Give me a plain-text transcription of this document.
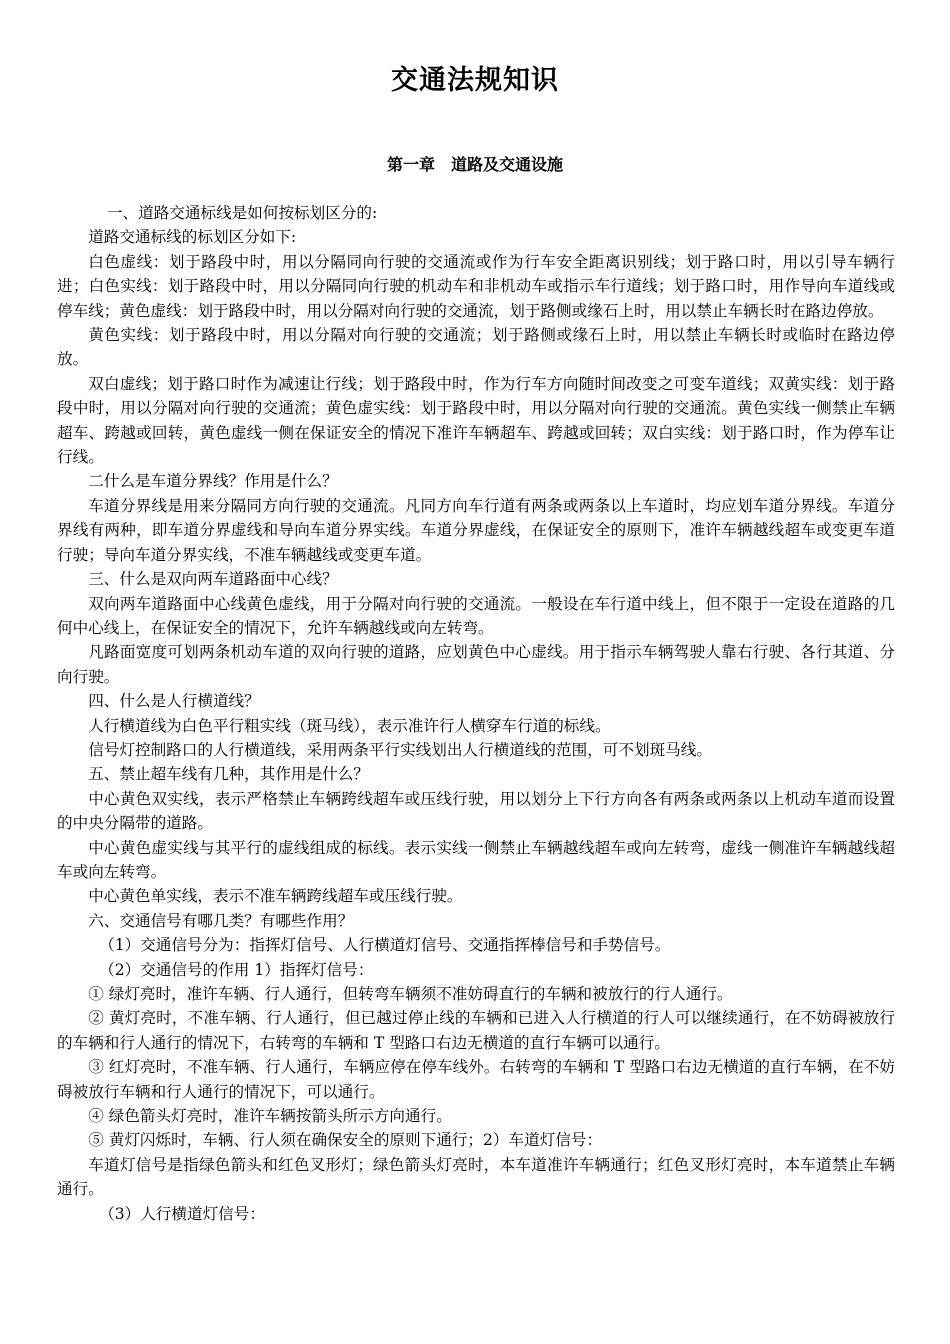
交通法规知识
第一章　道路及交通设施

一、道路交通标线是如何按标划区分的:

道路交通标线的标划区分如下:

白色虚线：划于路段中时，用以分隔同向行驶的交通流或作为行车安全距离识别线；划于路口时，用以引导车辆行进；白色实线：划于路段中时，用以分隔同向行驶的机动车和非机动车或指示车行道线；划于路口时，用作导向车道线或停车线；黄色虚线：划于路段中时，用以分隔对向行驶的交通流，划于路侧或缘石上时，用以禁止车辆长时在路边停放。

黄色实线：划于路段中时，用以分隔对向行驶的交通流；划于路侧或缘石上时，用以禁止车辆长时或临时在路边停放。

双白虚线；划于路口时作为减速让行线；划于路段中时，作为行车方向随时间改变之可变车道线；双黄实线：划于路段中时，用以分隔对向行驶的交通流；黄色虚实线：划于路段中时，用以分隔对向行驶的交通流。黄色实线一侧禁止车辆超车、跨越或回转，黄色虚线一侧在保证安全的情况下准许车辆超车、跨越或回转；双白实线：划于路口时，作为停车让行线。

二什么是车道分界线？作用是什么？

车道分界线是用来分隔同方向行驶的交通流。凡同方向车行道有两条或两条以上车道时，均应划车道分界线。车道分界线有两种，即车道分界虚线和导向车道分界实线。车道分界虚线，在保证安全的原则下，准许车辆越线超车或变更车道行驶；导向车道分界实线，不准车辆越线或变更车道。

三、什么是双向两车道路面中心线？

双向两车道路面中心线黄色虚线，用于分隔对向行驶的交通流。一般设在车行道中线上，但不限于一定设在道路的几何中心线上，在保证安全的情况下，允许车辆越线或向左转弯。

凡路面宽度可划两条机动车道的双向行驶的道路，应划黄色中心虚线。用于指示车辆驾驶人靠右行驶、各行其道、分向行驶。

四、什么是人行横道线？

人行横道线为白色平行粗实线（斑马线），表示准许行人横穿车行道的标线。

信号灯控制路口的人行横道线，采用两条平行实线划出人行横道线的范围，可不划斑马线。

五、禁止超车线有几种，其作用是什么？

中心黄色双实线，表示严格禁止车辆跨线超车或压线行驶，用以划分上下行方向各有两条或两条以上机动车道而设置的中央分隔带的道路。

中心黄色虚实线与其平行的虚线组成的标线。表示实线一侧禁止车辆越线超车或向左转弯，虚线一侧准许车辆越线超车或向左转弯。

中心黄色单实线，表示不准车辆跨线超车或压线行驶。

六、交通信号有哪几类？有哪些作用？

（1）交通信号分为：指挥灯信号、人行横道灯信号、交通指挥棒信号和手势信号。

（2）交通信号的作用 1）指挥灯信号：

① 绿灯亮时，准许车辆、行人通行，但转弯车辆须不准妨碍直行的车辆和被放行的行人通行。

② 黄灯亮时，不准车辆、行人通行，但已越过停止线的车辆和已进入人行横道的行人可以继续通行，在不妨碍被放行的车辆和行人通行的情况下，右转弯的车辆和 T 型路口右边无横道的直行车辆可以通行。

③ 红灯亮时，不准车辆、行人通行，车辆应停在停车线外。右转弯的车辆和 T 型路口右边无横道的直行车辆，在不妨碍被放行车辆和行人通行的情况下，可以通行。

④ 绿色箭头灯亮时，准许车辆按箭头所示方向通行。

⑤ 黄灯闪烁时，车辆、行人须在确保安全的原则下通行；2）车道灯信号：

车道灯信号是指绿色箭头和红色叉形灯；绿色箭头灯亮时，本车道准许车辆通行；红色叉形灯亮时，本车道禁止车辆通行。

（3）人行横道灯信号：
